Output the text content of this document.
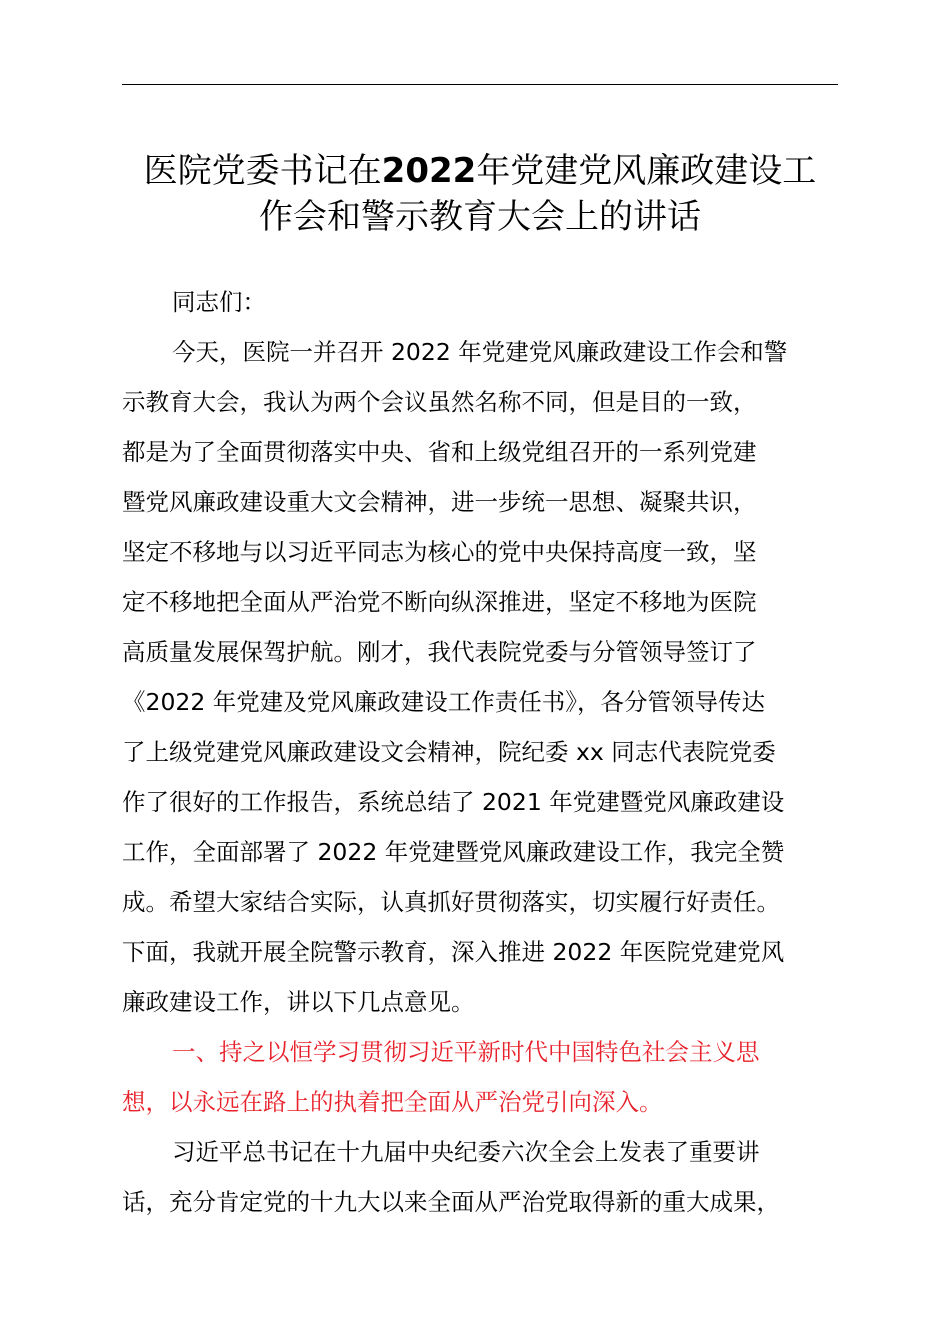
医院党委书记在2022年党建党风廉政建设工
作会和警示教育大会上的讲话
同志们：
今天，医院一并召开 2022 年党建党风廉政建设工作会和警
示教育大会，我认为两个会议虽然名称不同，但是目的一致，
都是为了全面贯彻落实中央、省和上级党组召开的一系列党建
暨党风廉政建设重大文会精神，进一步统一思想、凝聚共识，
坚定不移地与以习近平同志为核心的党中央保持高度一致，坚
定不移地把全面从严治党不断向纵深推进，坚定不移地为医院
高质量发展保驾护航。刚才，我代表院党委与分管领导签订了
《2022 年党建及党风廉政建设工作责任书》，各分管领导传达
了上级党建党风廉政建设文会精神，院纪委 xx 同志代表院党委
作了很好的工作报告，系统总结了 2021 年党建暨党风廉政建设
工作，全面部署了 2022 年党建暨党风廉政建设工作，我完全赞
成。希望大家结合实际，认真抓好贯彻落实，切实履行好责任。
下面，我就开展全院警示教育，深入推进 2022 年医院党建党风
廉政建设工作，讲以下几点意见。
一、持之以恒学习贯彻习近平新时代中国特色社会主义思
想，以永远在路上的执着把全面从严治党引向深入。
习近平总书记在十九届中央纪委六次全会上发表了重要讲
话，充分肯定党的十九大以来全面从严治党取得新的重大成果，
